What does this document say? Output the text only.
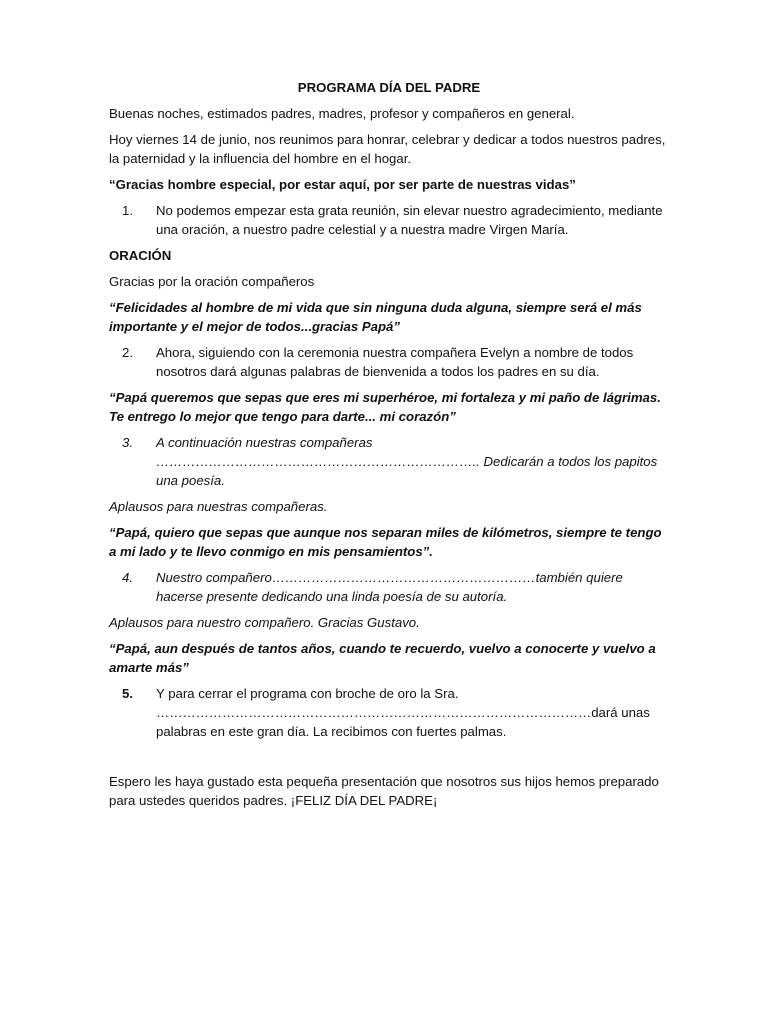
PROGRAMA DÍA DEL PADRE

Buenas noches, estimados padres, madres, profesor y compañeros en general.

Hoy viernes 14 de junio, nos reunimos para honrar, celebrar y dedicar a todos nuestros padres, la paternidad y la influencia del hombre en el hogar.

“Gracias hombre especial, por estar aquí, por ser parte de nuestras vidas”

1.	No podemos empezar esta grata reunión, sin elevar nuestro agradecimiento, mediante una oración, a nuestro padre celestial y a nuestra madre Virgen María.

ORACIÓN

Gracias por la oración compañeros

“Felicidades al hombre de mi vida que sin ninguna duda alguna, siempre será el más importante y el mejor de todos...gracias Papá”

2.	Ahora, siguiendo con la ceremonia nuestra compañera Evelyn a nombre de todos nosotros dará algunas palabras de bienvenida a todos los padres en su día.

“Papá queremos que sepas que eres mi superhéroe, mi fortaleza y mi paño de lágrimas. Te entrego lo mejor que tengo para darte... mi corazón”

3.	A continuación nuestras compañeras ……………………………………………………………….. Dedicarán a todos los papitos una poesía.

Aplausos para nuestras compañeras.

“Papá, quiero que sepas que aunque nos separan miles de kilómetros, siempre te tengo a mi lado y te llevo conmigo en mis pensamientos”.

4.	Nuestro compañero……………………………………………………también quiere hacerse presente dedicando una linda poesía de su autoría.

Aplausos para nuestro compañero. Gracias Gustavo.

“Papá, aun después de tantos años, cuando te recuerdo, vuelvo a conocerte y vuelvo a amarte más”

5.	Y para cerrar el programa con broche de oro la Sra. ………………………………………………………………………………………dará unas palabras en este gran día. La recibimos con fuertes palmas.

Espero les haya gustado esta pequeña presentación que nosotros sus hijos hemos preparado para ustedes queridos padres. ¡FELIZ DÍA DEL PADRE¡
